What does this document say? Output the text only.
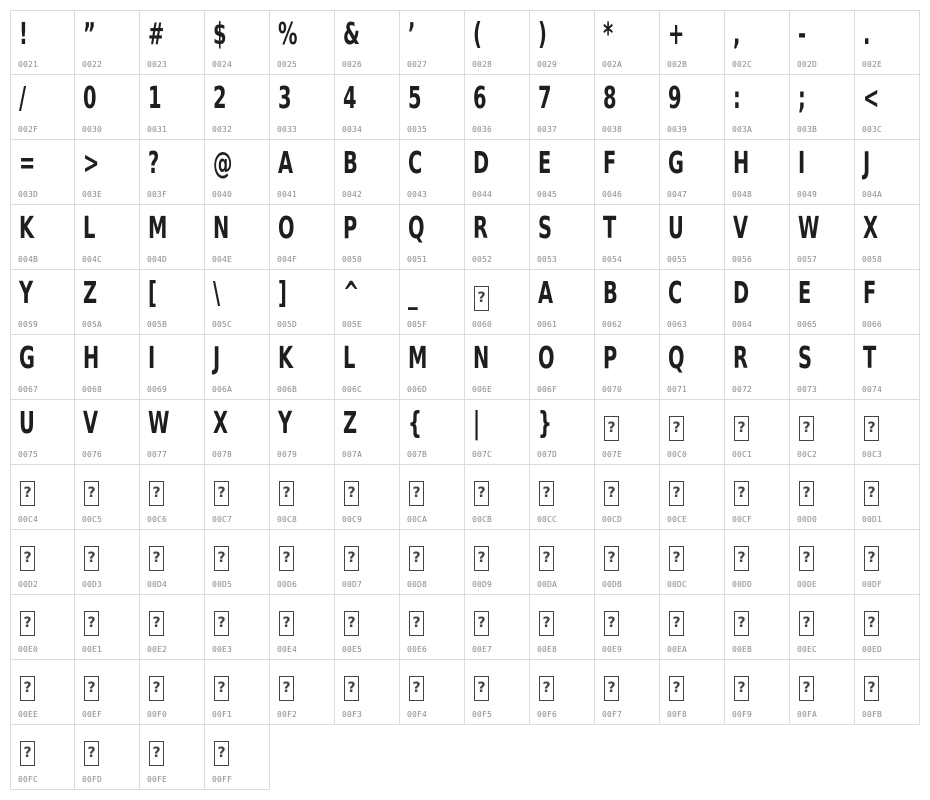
!
0021
”
0022
#
0023
$
0024
%
0025
&
0026
’
0027
(
0028
)
0029
*
002A
+
002B
,
002C
-
002D
.
002E
/
002F
0
0030
1
0031
2
0032
3
0033
4
0034
5
0035
6
0036
7
0037
8
0038
9
0039
:
003A
;
003B
<
003C
=
003D
>
003E
?
003F
@
0040
A
0041
B
0042
C
0043
D
0044
E
0045
F
0046
G
0047
H
0048
I
0049
J
004A
K
004B
L
004C
M
004D
N
004E
O
004F
P
0050
Q
0051
R
0052
S
0053
T
0054
U
0055
V
0056
W
0057
X
0058
Y
0059
Z
005A
[
005B
\
005C
]
005D
^
005E
_
005F
?
0060
A
0061
B
0062
C
0063
D
0064
E
0065
F
0066
G
0067
H
0068
I
0069
J
006A
K
006B
L
006C
M
006D
N
006E
O
006F
P
0070
Q
0071
R
0072
S
0073
T
0074
U
0075
V
0076
W
0077
X
0078
Y
0079
Z
007A
{
007B
|
007C
}
007D
?
007E
?
00C0
?
00C1
?
00C2
?
00C3
?
00C4
?
00C5
?
00C6
?
00C7
?
00C8
?
00C9
?
00CA
?
00CB
?
00CC
?
00CD
?
00CE
?
00CF
?
00D0
?
00D1
?
00D2
?
00D3
?
00D4
?
00D5
?
00D6
?
00D7
?
00D8
?
00D9
?
00DA
?
00DB
?
00DC
?
00DD
?
00DE
?
00DF
?
00E0
?
00E1
?
00E2
?
00E3
?
00E4
?
00E5
?
00E6
?
00E7
?
00E8
?
00E9
?
00EA
?
00EB
?
00EC
?
00ED
?
00EE
?
00EF
?
00F0
?
00F1
?
00F2
?
00F3
?
00F4
?
00F5
?
00F6
?
00F7
?
00F8
?
00F9
?
00FA
?
00FB
?
00FC
?
00FD
?
00FE
?
00FF
